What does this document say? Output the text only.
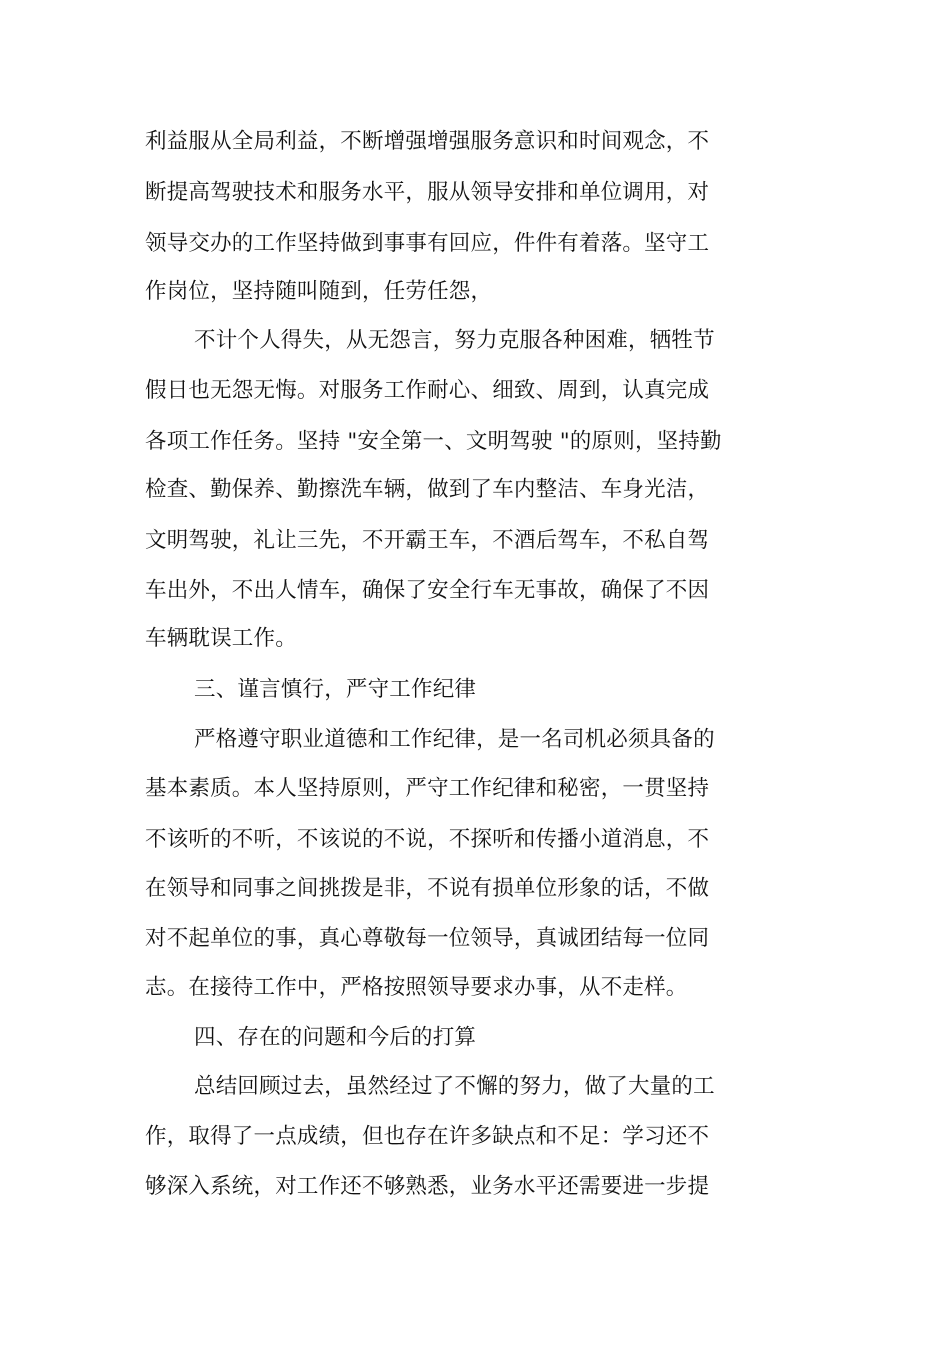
利益服从全局利益，不断增强增强服务意识和时间观念，不
断提高驾驶技术和服务水平，服从领导安排和单位调用，对
领导交办的工作坚持做到事事有回应，件件有着落。坚守工
作岗位，坚持随叫随到，任劳任怨，
不计个人得失，从无怨言，努力克服各种困难，牺牲节
假日也无怨无悔。对服务工作耐心、细致、周到，认真完成
各项工作任务。坚持 "安全第一、文明驾驶 "的原则，坚持勤
检查、勤保养、勤擦洗车辆，做到了车内整洁、车身光洁，
文明驾驶，礼让三先，不开霸王车，不酒后驾车，不私自驾
车出外，不出人情车，确保了安全行车无事故，确保了不因
车辆耽误工作。
三、谨言慎行，严守工作纪律
严格遵守职业道德和工作纪律，是一名司机必须具备的
基本素质。本人坚持原则，严守工作纪律和秘密，一贯坚持
不该听的不听，不该说的不说，不探听和传播小道消息，不
在领导和同事之间挑拨是非，不说有损单位形象的话，不做
对不起单位的事，真心尊敬每一位领导，真诚团结每一位同
志。在接待工作中，严格按照领导要求办事，从不走样。
四、存在的问题和今后的打算
总结回顾过去，虽然经过了不懈的努力，做了大量的工
作，取得了一点成绩，但也存在许多缺点和不足：学习还不
够深入系统，对工作还不够熟悉，业务水平还需要进一步提
